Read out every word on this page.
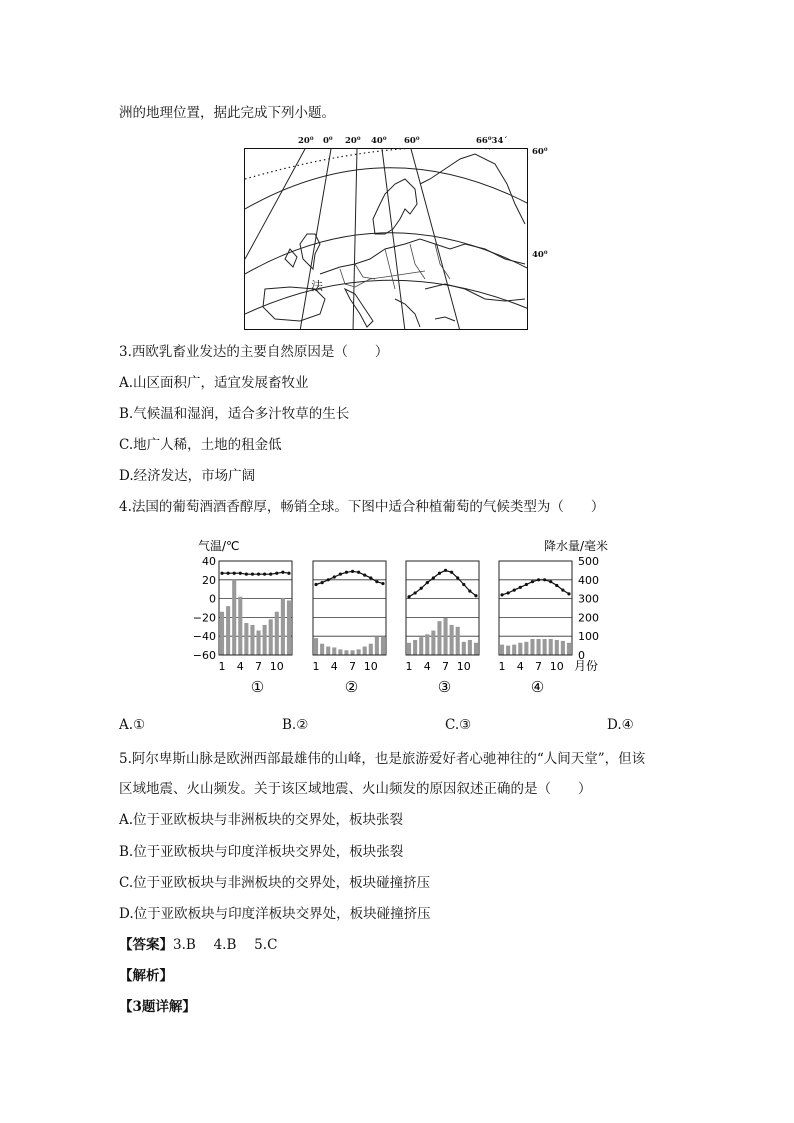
洲的地理位置，据此完成下列小题。
20⁰ 0⁰ 20⁰ 40⁰ 60⁰	66⁰34´
60⁰
40⁰
法
3.西欧乳畜业发达的主要自然原因是（　　）
A.山区面积广，适宜发展畜牧业
B.气候温和湿润，适合多汁牧草的生长
C.地广人稀，土地的租金低
D.经济发达，市场广阔
4.法国的葡萄酒酒香醇厚，畅销全球。下图中适合种植葡萄的气候类型为（　　）
气温/℃	降水量/毫米
40
20
0
−20
−40
−60
500
400
300
200
100
0
1 4 7 10
①
1 4 7 10
②
1 4 7 10
③
1 4 7 10
④
月份
A.①	B.②	C.③	D.④
5.阿尔卑斯山脉是欧洲西部最雄伟的山峰，也是旅游爱好者心驰神往的“人间天堂”，但该
区域地震、火山频发。关于该区域地震、火山频发的原因叙述正确的是（　　）
A.位于亚欧板块与非洲板块的交界处，板块张裂
B.位于亚欧板块与印度洋板块交界处，板块张裂
C.位于亚欧板块与非洲板块的交界处，板块碰撞挤压
D.位于亚欧板块与印度洋板块交界处，板块碰撞挤压
【答案】3.B　 4.B　 5.C
【解析】
【3题详解】
